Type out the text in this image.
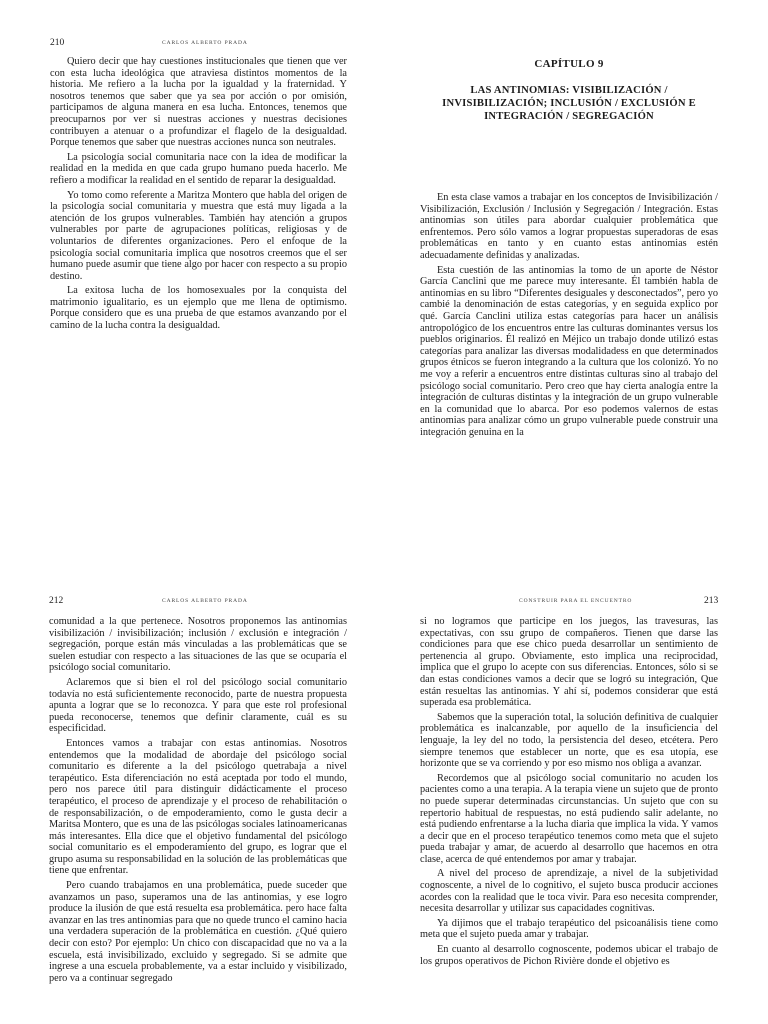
210	CARLOS ALBERTO PRADA

Quiero decir que hay cuestiones institucionales que tienen que ver con esta lucha ideológica que atraviesa distintos momentos de la historia. Me refiero a la lucha por la igualdad y la fraternidad. Y nosotros tenemos que saber que ya sea por acción o por omisión, participamos de alguna manera en esa lucha. Entonces, tenemos que preocuparnos por ver si nuestras acciones y nuestras decisiones contribuyen a atenuar o a profundizar el flagelo de la desigualdad. Porque tenemos que saber que nuestras acciones nunca son neutrales.

La psicología social comunitaria nace con la idea de modificar la realidad en la medida en que cada grupo humano pueda hacerlo. Me refiero a modificar la realidad en el sentido de reparar la desigualdad.

Yo tomo como referente a Maritza Montero que habla del origen de la psicología social comunitaria y muestra que está muy ligada a la atención de los grupos vulnerables. También hay atención a grupos vulnerables por parte de agrupaciones políticas, religiosas y de voluntarios de diferentes organizaciones. Pero el enfoque de la psicología social comunitaria implica que nosotros creemos que el ser humano puede asumir que tiene algo por hacer con respecto a su propio destino.

La exitosa lucha de los homosexuales por la conquista del matrimonio igualitario, es un ejemplo que me llena de optimismo. Porque considero que es una prueba de que estamos avanzando por el camino de la lucha contra la desigualdad.

CAPÍTULO 9
LAS ANTINOMIAS: VISIBILIZACIÓN /
INVISIBILIZACIÓN; INCLUSIÓN / EXCLUSIÓN E
INTEGRACIÓN / SEGREGACIÓN

En esta clase vamos a trabajar en los conceptos de Invisibilización / Visibilización, Exclusión / Inclusión y Segregación / Integración. Estas antinomias son útiles para abordar cualquier problemática que enfrentemos. Pero sólo vamos a lograr propuestas superadoras de esas problemáticas en tanto y en cuanto estas antinomias estén adecuadamente definidas y analizadas.

Esta cuestión de las antinomias la tomo de un aporte de Néstor García Canclini que me parece muy interesante. Él también habla de antinomias en su libro “Diferentes desiguales y desconectados”, pero yo cambié la denominación de estas categorías, y en seguida explico por qué. García Canclini utiliza estas categorías para hacer un análisis antropológico de los encuentros entre las culturas dominantes versus los pueblos originarios. Él realizó en Méjico un trabajo donde utilizó estas categorías para analizar las diversas modalidadess en que determinados grupos étnicos se fueron integrando a la cultura que los colonizó. Yo no me voy a referir a encuentros entre distintas culturas sino al trabajo del psicólogo social comunitario. Pero creo que hay cierta analogía entre la integración de culturas distintas y la integración de un grupo vulnerable en la comunidad que lo abarca. Por eso podemos valernos de estas antinomias para analizar cómo un grupo vulnerable puede construir una integración genuina en la

212	CARLOS ALBERTO PRADA

comunidad a la que pertenece. Nosotros proponemos las antinomias visibilización / invisibilización; inclusión / exclusión e integración / segregación, porque están más vinculadas a las problemáticas que se suelen estudiar con respecto a las situaciones de las que se ocuparía el psicólogo social comunitario.

Aclaremos que si bien el rol del psicólogo social comunitario todavía no está suficientemente reconocido, parte de nuestra propuesta apunta a lograr que se lo reconozca. Y para que este rol profesional pueda reconocerse, tenemos que definir claramente, cuál es su especificidad.

Entonces vamos a trabajar con estas antinomias. Nosotros entendemos que la modalidad de abordaje del psicólogo social comunitario es diferente a la del psicólogo quetrabaja a nivel terapéutico. Esta diferenciación no está aceptada por todo el mundo, pero nos parece útil para distinguir didácticamente el proceso terapéutico, el proceso de aprendizaje y el proceso de rehabilitación o de responsabilización, o de empoderamiento, como le gusta decir a Maritsa Montero, que es una de las psicólogas sociales latinoamericanas más interesantes. Ella dice que el objetivo fundamental del psicólogo social comunitario es el empoderamiento del grupo, es lograr que el grupo asuma su responsabilidad en la solución de las problemáticas que tiene que enfrentar.

Pero cuando trabajamos en una problemática, puede suceder que avanzamos un paso, superamos una de las antinomias, y ese logro produce la ilusión de que está resuelta esa problemática. pero hace falta avanzar en las tres antinomias para que no quede trunco el camino hacia una verdadera superación de la problemática en cuestión. ¿Qué quiero decir con esto? Por ejemplo: Un chico con discapacidad que no va a la escuela, está invisibilizado, excluido y segregado. Si se admite que ingrese a una escuela probablemente, va a estar incluido y visibilizado, pero va a continuar segregado

CONSTRUIR PARA EL ENCUENTRO	213

si no logramos que participe en los juegos, las travesuras, las expectativas, con ssu grupo de compañeros. Tienen que darse las condiciones para que ese chico pueda desarrollar un sentimiento de pertenencia al grupo. Obviamente, esto implica una reciprocidad, implica que el grupo lo acepte con sus diferencias. Entonces, sólo si se dan estas condiciones vamos a decir que se logró su integración, Que están resueltas las antinomias. Y ahí sí, podemos considerar que está superada esa problemática.

Sabemos que la superación total, la solución definitiva de cualquier problemática es inalcanzable, por aquello de la insuficiencia del lenguaje, la ley del no todo, la persistencia del deseo, etcétera. Pero siempre tenemos que establecer un norte, que es esa utopía, ese horizonte que se va corriendo y por eso mismo nos obliga a avanzar.

Recordemos que al psicólogo social comunitario no acuden los pacientes como a una terapia. A la terapia viene un sujeto que de pronto no puede superar determinadas circunstancias. Un sujeto que con su repertorio habitual de respuestas, no está pudiendo salir adelante, no está pudiendo enfrentarse a la lucha diaria que implica la vida. Y vamos a decir que en el proceso terapéutico tenemos como meta que el sujeto pueda trabajar y amar, de acuerdo al desarrollo que hacemos en otra clase, acerca de qué entendemos por amar y trabajar.

A nivel del proceso de aprendizaje, a nivel de la subjetividad cognoscente, a nivel de lo cognitivo, el sujeto busca producir acciones acordes con la realidad que le toca vivir. Para eso necesita comprender, necesita desarrollar y utilizar sus capacidades cognitivas.

Ya dijimos que el trabajo terapéutico del psicoanálisis tiene como meta que el sujeto pueda amar y trabajar.

En cuanto al desarrollo cognoscente, podemos ubicar el trabajo de los grupos operativos de Pichon Rivière donde el objetivo es
